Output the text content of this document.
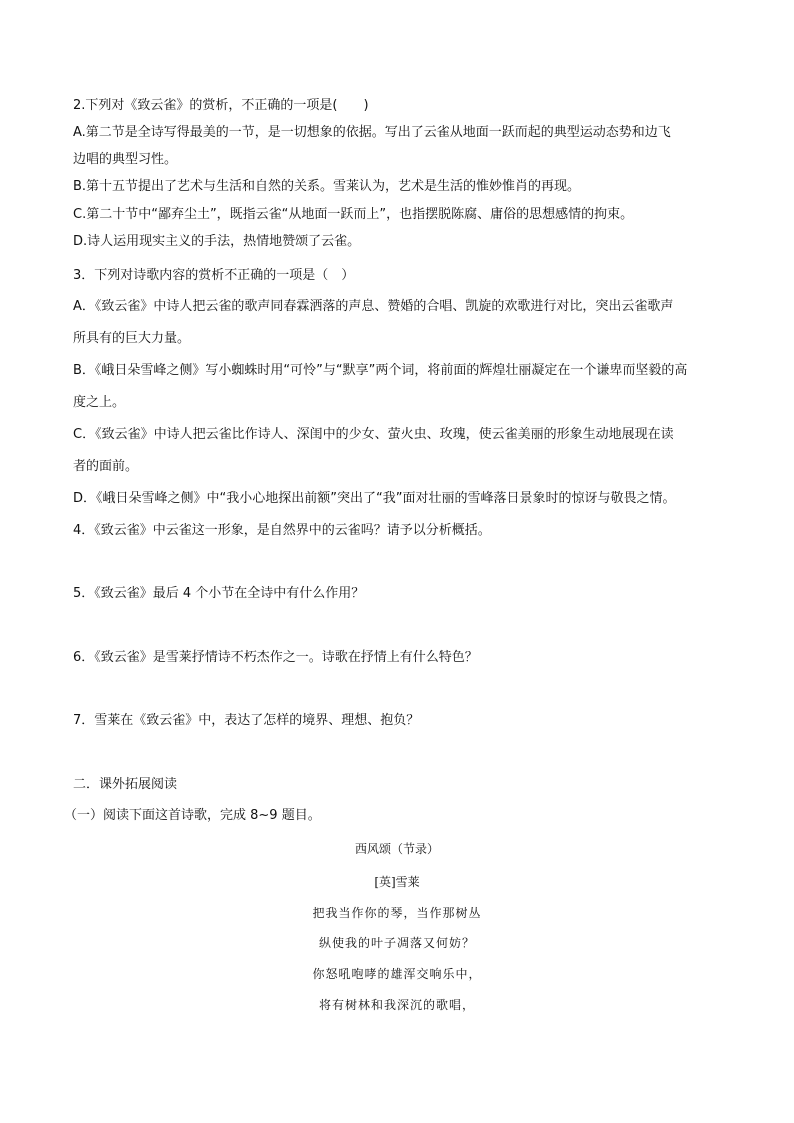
2.下列对《致云雀》的赏析，不正确的一项是(　　)
A.第二节是全诗写得最美的一节，是一切想象的依据。写出了云雀从地面一跃而起的典型运动态势和边飞
边唱的典型习性。
B.第十五节提出了艺术与生活和自然的关系。雪莱认为，艺术是生活的惟妙惟肖的再现。
C.第二十节中“鄙弃尘土”，既指云雀“从地面一跃而上”，也指摆脱陈腐、庸俗的思想感情的拘束。
D.诗人运用现实主义的手法，热情地赞颂了云雀。
3．下列对诗歌内容的赏析不正确的一项是（　）
A．《致云雀》中诗人把云雀的歌声同春霖洒落的声息、赞婚的合唱、凯旋的欢歌进行对比，突出云雀歌声
所具有的巨大力量。
B．《峨日朵雪峰之侧》写小蜘蛛时用“可怜”与“默享”两个词，将前面的辉煌壮丽凝定在一个谦卑而坚毅的高
度之上。
C．《致云雀》中诗人把云雀比作诗人、深闺中的少女、萤火虫、玫瑰，使云雀美丽的形象生动地展现在读
者的面前。
D．《峨日朵雪峰之侧》中“我小心地探出前额”突出了“我”面对壮丽的雪峰落日景象时的惊讶与敬畏之情。
4．《致云雀》中云雀这一形象，是自然界中的云雀吗？请予以分析概括。
5．《致云雀》最后 4 个小节在全诗中有什么作用？
6．《致云雀》是雪莱抒情诗不朽杰作之一。诗歌在抒情上有什么特色？
7．雪莱在《致云雀》中，表达了怎样的境界、理想、抱负？
二．课外拓展阅读
（一）阅读下面这首诗歌，完成 8~9 题目。
西风颂（节录）
[英]雪莱
把我当作你的琴，当作那树丛
纵使我的叶子凋落又何妨？
你怒吼咆哮的雄浑交响乐中，
将有树林和我深沉的歌唱，
